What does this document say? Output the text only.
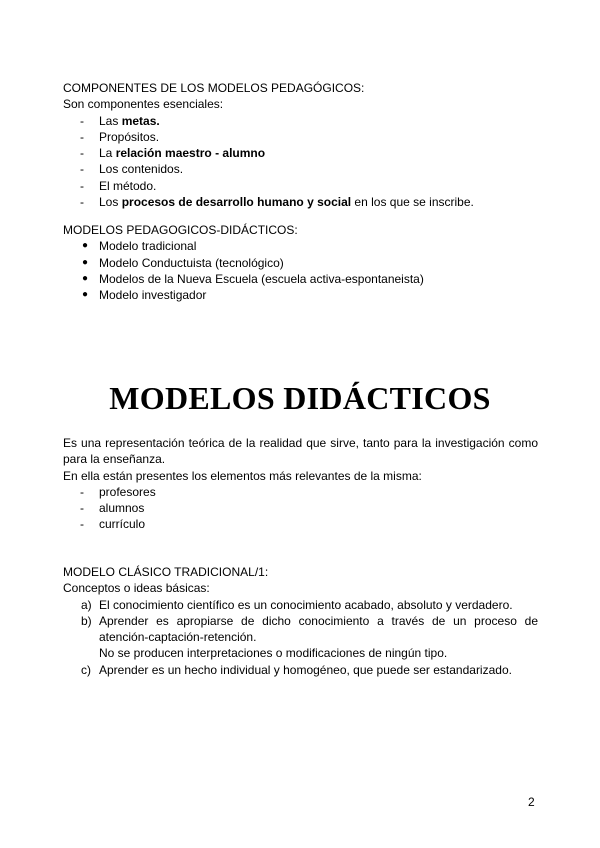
COMPONENTES DE LOS MODELOS PEDAGÓGICOS:

Son componentes esenciales:

- Las metas.
- Propósitos.
- La relación maestro - alumno
- Los contenidos.
- El método.
- Los procesos de desarrollo humano y social en los que se inscribe.

MODELOS PEDAGOGICOS-DIDÁCTICOS:

● Modelo tradicional
● Modelo Conductuista (tecnológico)
● Modelos de la Nueva Escuela (escuela activa-espontaneista)
● Modelo investigador
MODELOS DIDÁCTICOS

Es una representación teórica de la realidad que sirve, tanto para la investigación como para la enseñanza.

En ella están presentes los elementos más relevantes de la misma:

- profesores
- alumnos
- currículo

MODELO CLÁSICO TRADICIONAL/1:

Conceptos o ideas básicas:

a) El conocimiento científico es un conocimiento acabado, absoluto y verdadero.

b) Aprender es apropiarse de dicho conocimiento a través de un proceso de atención-captación-retención.

No se producen interpretaciones o modificaciones de ningún tipo.

c) Aprender es un hecho individual y homogéneo, que puede ser estandarizado.

2
